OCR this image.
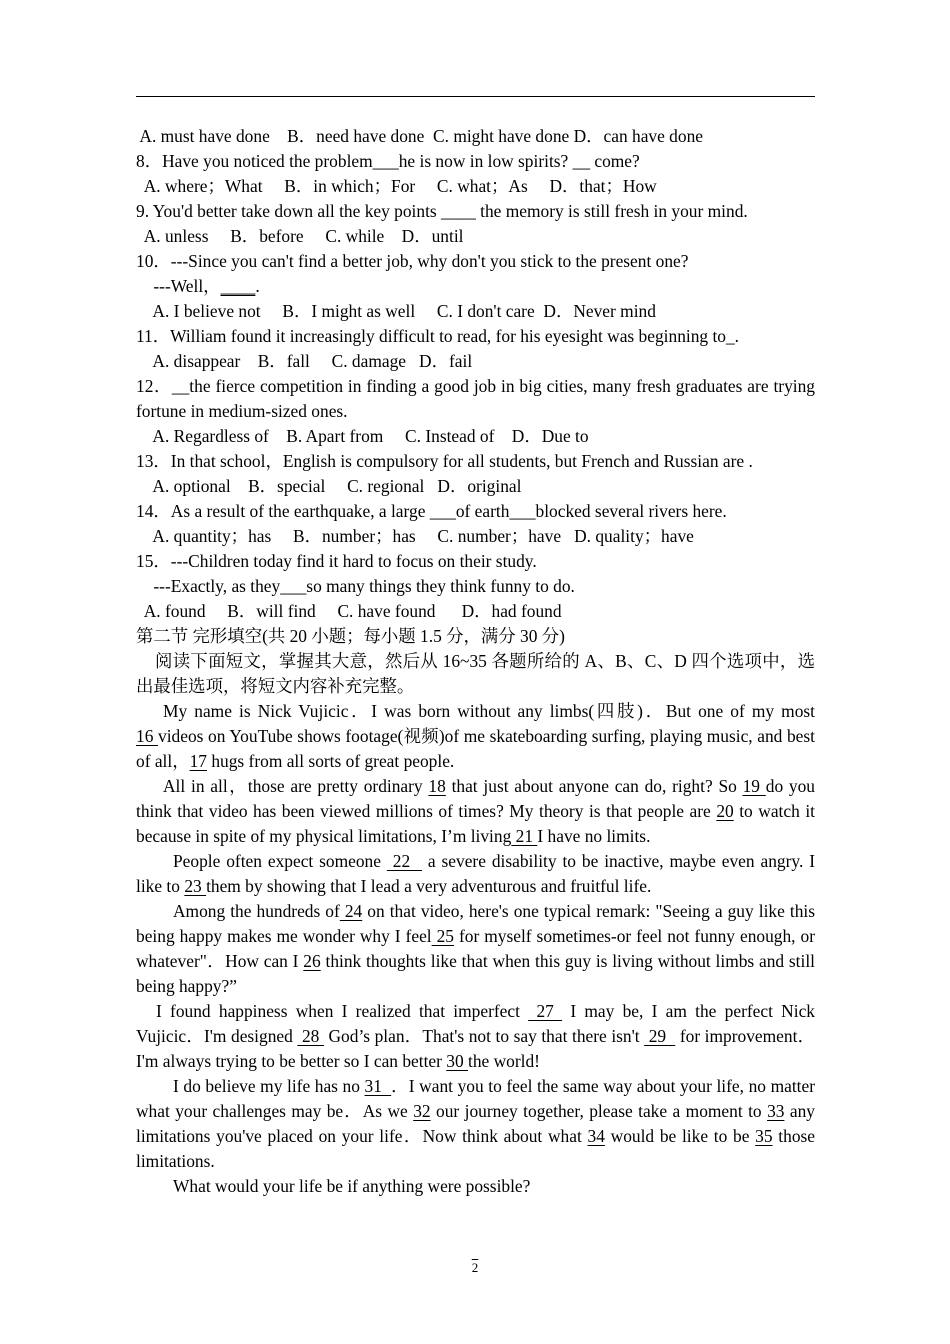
A. must have done    B．need have done  C. might have done D．can have done
8．Have you noticed the problem___he is now in low spirits? __ come?
A. where；What     B．in which；For     C. what；As     D．that；How
9. You'd better take down all the key points ____ the memory is still fresh in your mind.
A. unless     B．before     C. while    D．until
10．---Since you can't find a better job, why don't you stick to the present one?
---Well，____.
A. I believe not     B．I might as well     C. I don't care  D．Never mind
11．William found it increasingly difficult to read, for his eyesight was beginning to_.
A. disappear    B．fall     C. damage   D．fail
12．__the fierce competition in finding a good job in big cities, many fresh graduates are trying fortune in medium-sized ones.
A. Regardless of    B. Apart from     C. Instead of    D．Due to
13．In that school，English is compulsory for all students, but French and Russian are .
A. optional    B．special     C. regional   D．original
14．As a result of the earthquake, a large ___of earth___blocked several rivers here.
A. quantity；has     B．number；has     C. number；have   D. quality；have
15．---Children today find it hard to focus on their study.
---Exactly, as they___so many things they think funny to do.
A. found     B．will find     C. have found      D．had found
第二节 完形填空(共 20 小题；每小题 1.5 分，满分 30 分)
阅读下面短文，掌握其大意，然后从 16~35 各题所给的 A、B、C、D 四个选项中，选出最佳选项，将短文内容补充完整。
My name is Nick Vujicic．I was born without any limbs(四肢)．But one of my most 16 videos on YouTube shows footage(视频)of me skateboarding surfing, playing music, and best of all，17 hugs from all sorts of great people.
All in all，those are pretty ordinary 18 that just about anyone can do, right? So 19 do you think that video has been viewed millions of times? My theory is that people are 20 to watch it because in spite of my physical limitations, I’m living 21 I have no limits.
People often expect someone  22   a severe disability to be inactive, maybe even angry. I like to 23 them by showing that I lead a very adventurous and fruitful life.
Among the hundreds of 24 on that video, here's one typical remark: "Seeing a guy like this being happy makes me wonder why I feel 25 for myself sometimes-or feel not funny enough, or whatever"．How can I 26 think thoughts like that when this guy is living without limbs and still being happy?”
I found happiness when I realized that imperfect  27  I may be, I am the perfect Nick Vujicic．I'm designed  28  God’s plan．That's not to say that there isn't  29   for improvement．I'm always trying to be better so I can better 30 the world!
I do believe my life has no 31  ．I want you to feel the same way about your life, no matter what your challenges may be．As we 32 our journey together, please take a moment to 33 any limitations you've placed on your life．Now think about what 34 would be like to be 35 those limitations.
What would your life be if anything were possible?
2
